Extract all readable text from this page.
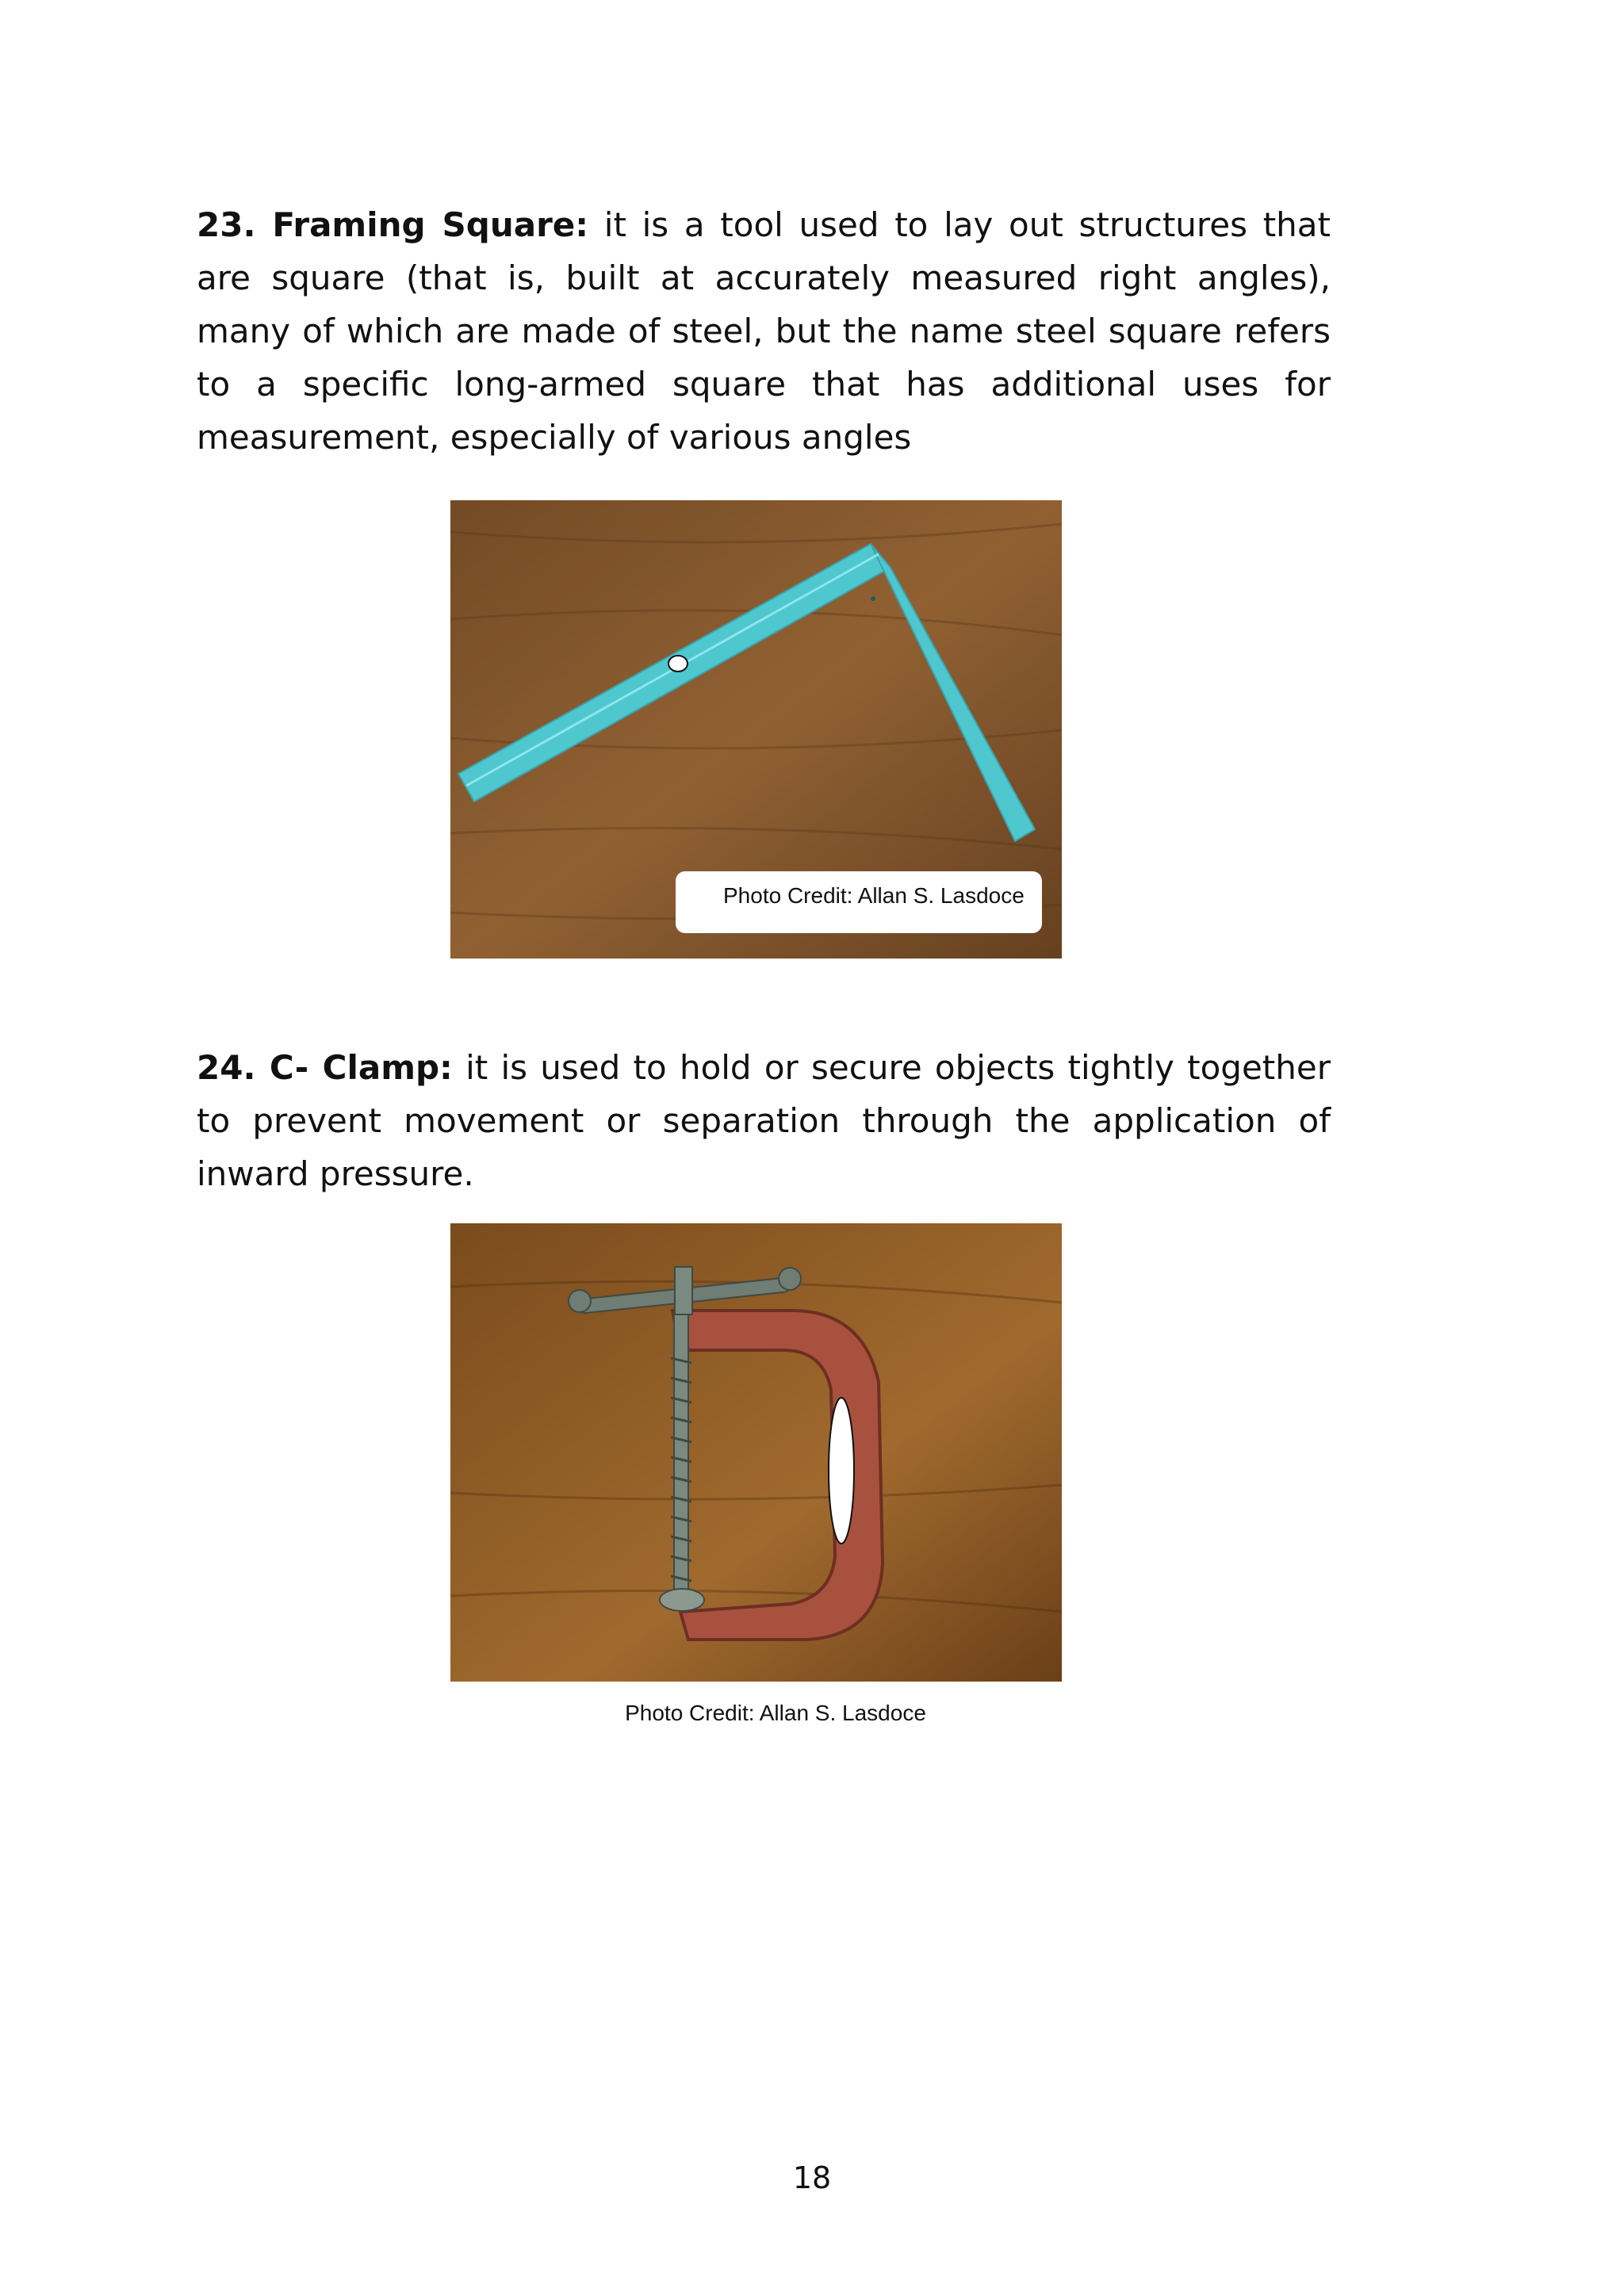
23. Framing Square: it is a tool used to lay out structures that are square (that is, built at accurately measured right angles), many of which are made of steel, but the name steel square refers to a specific long-armed square that has additional uses for measurement, especially of various angles

Photo Credit: Allan S. Lasdoce

24. C- Clamp: it is used to hold or secure objects tightly together to prevent movement or separation through the application of inward pressure.

Photo Credit: Allan S. Lasdoce
18
